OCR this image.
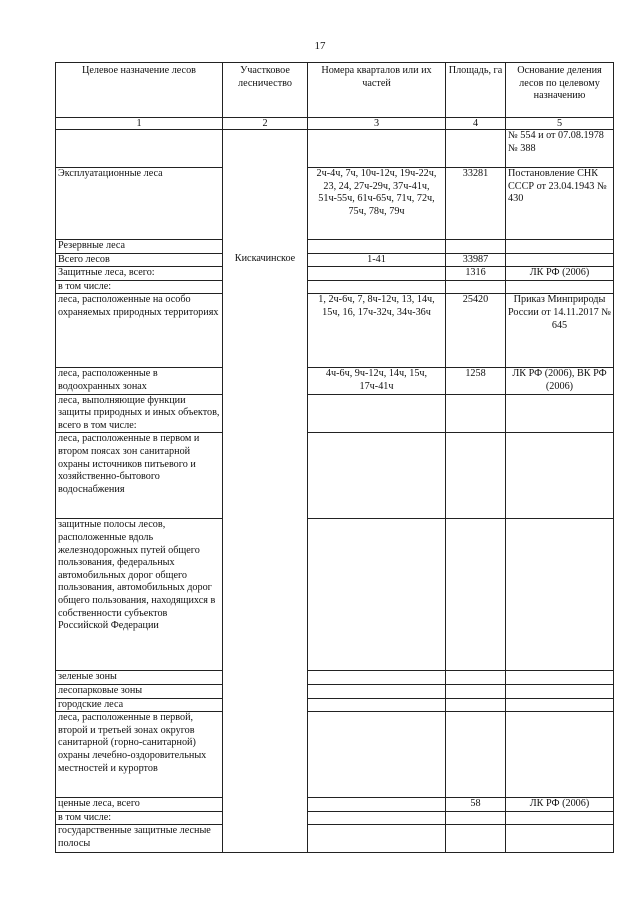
17
Целевое назначение лесов	Участковое лесничество	Номера кварталов или их частей	Площадь, га	Основание деления лесов по целевому назначению
1	2	3	4	5
				№ 554 и от 07.08.1978 № 388
Эксплуатационные леса		2ч-4ч, 7ч, 10ч-12ч, 19ч-22ч, 23, 24, 27ч-29ч, 37ч-41ч, 51ч-55ч, 61ч-65ч, 71ч, 72ч, 75ч, 78ч, 79ч	33281	Постановление СНК СССР от 23.04.1943 № 430
Резервные леса				
Всего лесов	Кискачинское	1-41	33987	
Защитные леса, всего:			1316	ЛК РФ (2006)
в том числе:				
леса, расположенные на особо охраняемых природных территориях		1, 2ч-6ч, 7, 8ч-12ч, 13, 14ч, 15ч, 16, 17ч-32ч, 34ч-36ч	25420	Приказ Минприроды России от 14.11.2017 № 645
леса, расположенные в водоохранных зонах		4ч-6ч, 9ч-12ч, 14ч, 15ч, 17ч-41ч	1258	ЛК РФ (2006), ВК РФ (2006)
леса, выполняющие функции защиты природных и иных объектов, всего в том числе:				
леса, расположенные в первом и втором поясах зон санитарной охраны источников питьевого и хозяйственно-бытового водоснабжения				
защитные полосы лесов, расположенные вдоль железнодорожных путей общего пользования, федеральных автомобильных дорог общего пользования, автомобильных дорог общего пользования, находящихся в собственности субъектов Российской Федерации				
зеленые зоны				
лесопарковые зоны				
городские леса				
леса, расположенные в первой, второй и третьей зонах округов санитарной (горно-санитарной) охраны лечебно-оздоровительных местностей и курортов				
ценные леса, всего			58	ЛК РФ (2006)
в том числе:				
государственные защитные лесные полосы				
